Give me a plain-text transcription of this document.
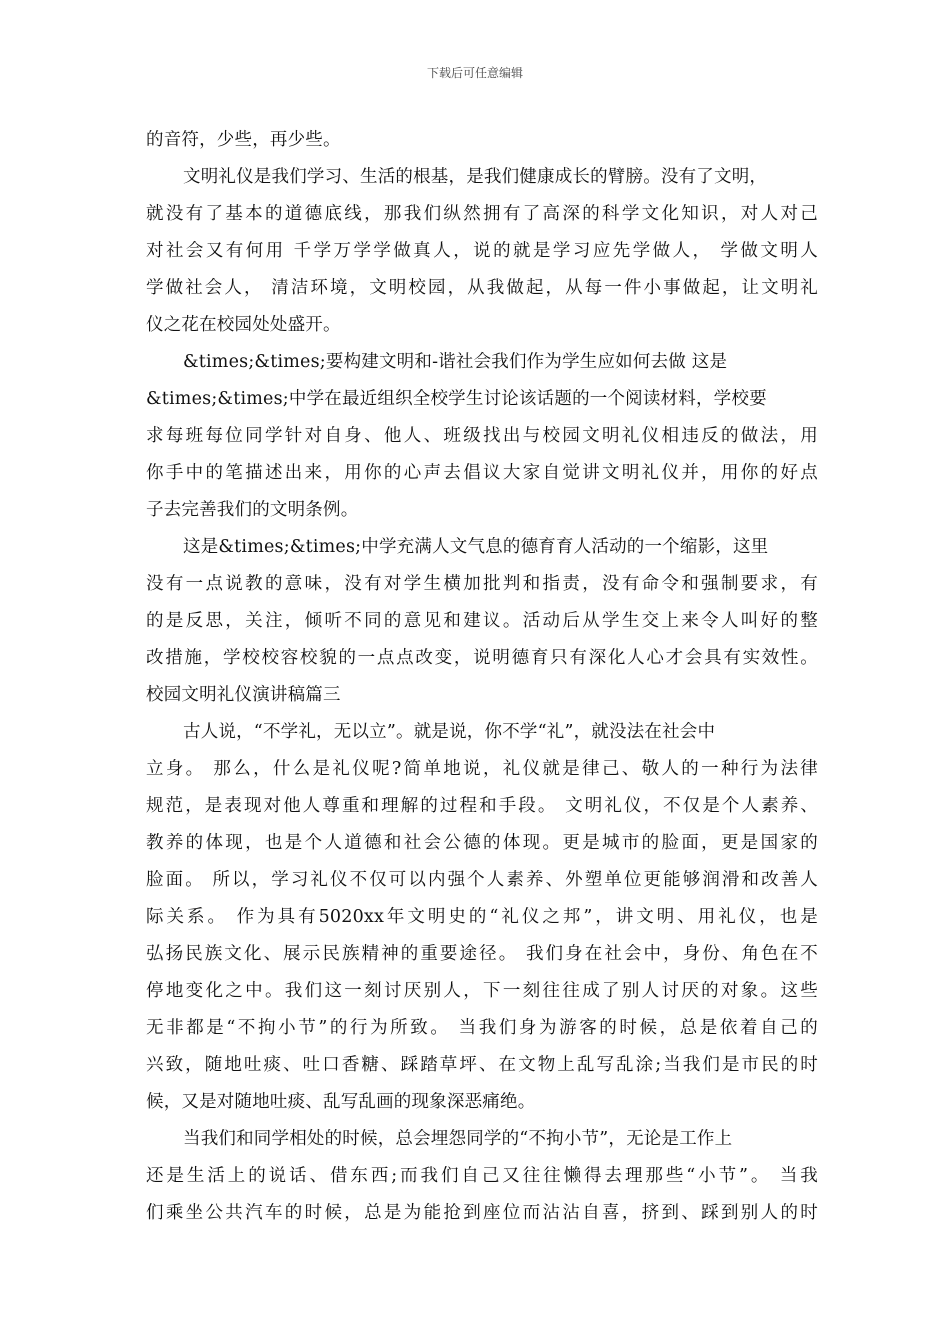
下载后可任意编辑
的音符，少些，再少些。
文明礼仪是我们学习、生活的根基，是我们健康成长的臂膀。没有了文明，
就没有了基本的道德底线，那我们纵然拥有了高深的科学文化知识，对人对己
对社会又有何用 千学万学学做真人，说的就是学习应先学做人， 学做文明人
学做社会人， 清洁环境，文明校园，从我做起，从每一件小事做起，让文明礼
仪之花在校园处处盛开。
&times;&times;要构建文明和-谐社会我们作为学生应如何去做 这是
&times;&times;中学在最近组织全校学生讨论该话题的一个阅读材料，学校要
求每班每位同学针对自身、他人、班级找出与校园文明礼仪相违反的做法，用
你手中的笔描述出来，用你的心声去倡议大家自觉讲文明礼仪并，用你的好点
子去完善我们的文明条例。
这是&times;&times;中学充满人文气息的德育育人活动的一个缩影，这里
没有一点说教的意味，没有对学生横加批判和指责，没有命令和强制要求，有
的是反思，关注，倾听不同的意见和建议。活动后从学生交上来令人叫好的整
改措施，学校校容校貌的一点点改变，说明德育只有深化人心才会具有实效性。
校园文明礼仪演讲稿篇三
古人说，“不学礼，无以立”。就是说，你不学“礼”，就没法在社会中
立身。 那么，什么是礼仪呢?简单地说，礼仪就是律己、敬人的一种行为法律
规范，是表现对他人尊重和理解的过程和手段。 文明礼仪，不仅是个人素养、
教养的体现，也是个人道德和社会公德的体现。更是城市的脸面，更是国家的
脸面。 所以，学习礼仪不仅可以内强个人素养、外塑单位更能够润滑和改善人
际关系。 作为具有5020xx年文明史的“礼仪之邦”，讲文明、用礼仪，也是
弘扬民族文化、展示民族精神的重要途径。 我们身在社会中，身份、角色在不
停地变化之中。我们这一刻讨厌别人，下一刻往往成了别人讨厌的对象。这些
无非都是“不拘小节”的行为所致。 当我们身为游客的时候，总是依着自己的
兴致，随地吐痰、吐口香糖、踩踏草坪、在文物上乱写乱涂;当我们是市民的时
候，又是对随地吐痰、乱写乱画的现象深恶痛绝。
当我们和同学相处的时候，总会埋怨同学的“不拘小节”，无论是工作上
还是生活上的说话、借东西;而我们自己又往往懒得去理那些“小节”。 当我
们乘坐公共汽车的时候，总是为能抢到座位而沾沾自喜，挤到、踩到别人的时
